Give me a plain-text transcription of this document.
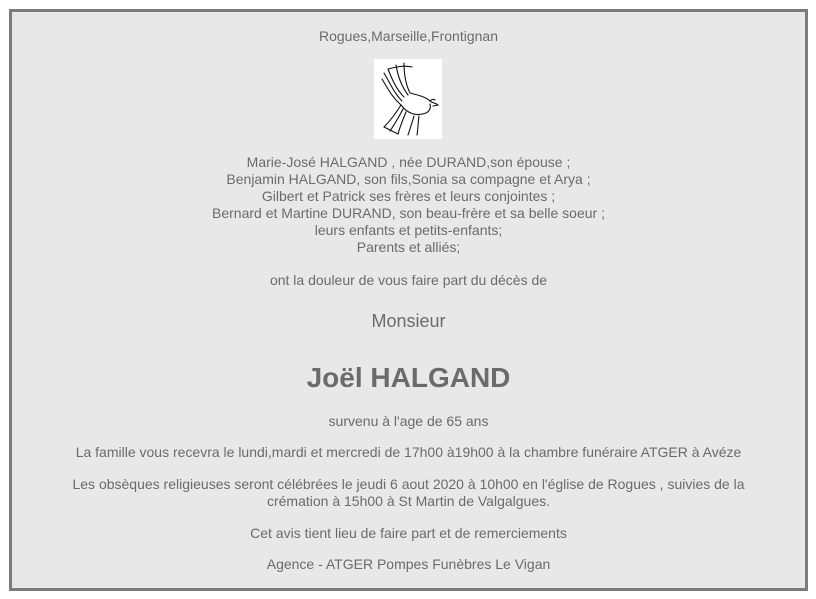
Rogues,Marseille,Frontignan
Marie-José HALGAND , née DURAND,son épouse ;
Benjamin HALGAND, son fils,Sonia sa compagne et Arya ;
Gilbert et Patrick ses frères et leurs conjointes ;
Bernard et Martine DURAND, son beau-frère et sa belle soeur ;
leurs enfants et petits-enfants;
Parents et alliés;
ont la douleur de vous faire part du décès de
Monsieur
Joël HALGAND
survenu à l'age de 65 ans
La famille vous recevra le lundi,mardi et mercredi de 17h00 à19h00 à la chambre funéraire ATGER à Avéze
Les obsèques religieuses seront célébrées le jeudi 6 aout 2020 à 10h00 en l'église de Rogues , suivies de la
crémation à 15h00 à St Martin de Valgalgues.
Cet avis tient lieu de faire part et de remerciements
Agence - ATGER Pompes Funèbres Le Vigan
